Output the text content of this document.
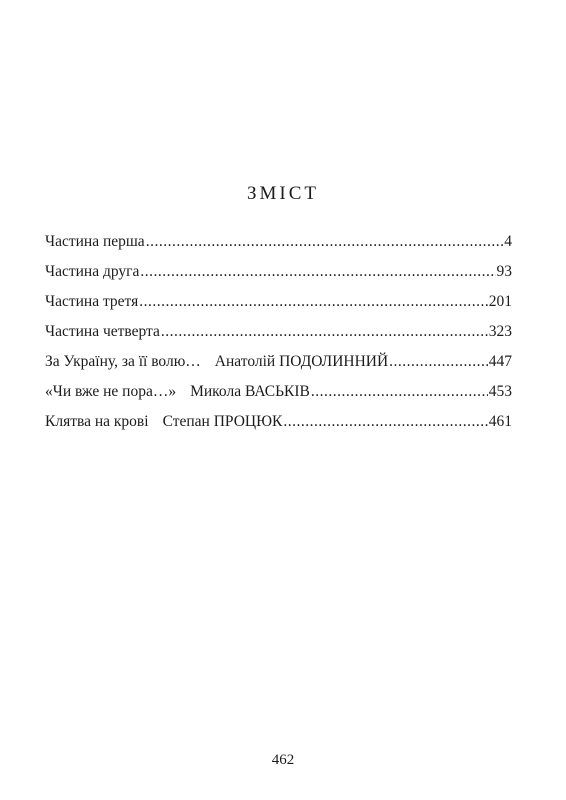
ЗМІСТ
Частина перша .....	4
Частина друга .....	93
Частина третя .....	201
Частина четверта .....	323
За Україну, за її волю… Анатолій ПОДОЛИННИЙ .....	447
«Чи вже не пора…» Микола ВАСЬКІВ .....	453
Клятва на крові Степан ПРОЦЮК .....	461
462
